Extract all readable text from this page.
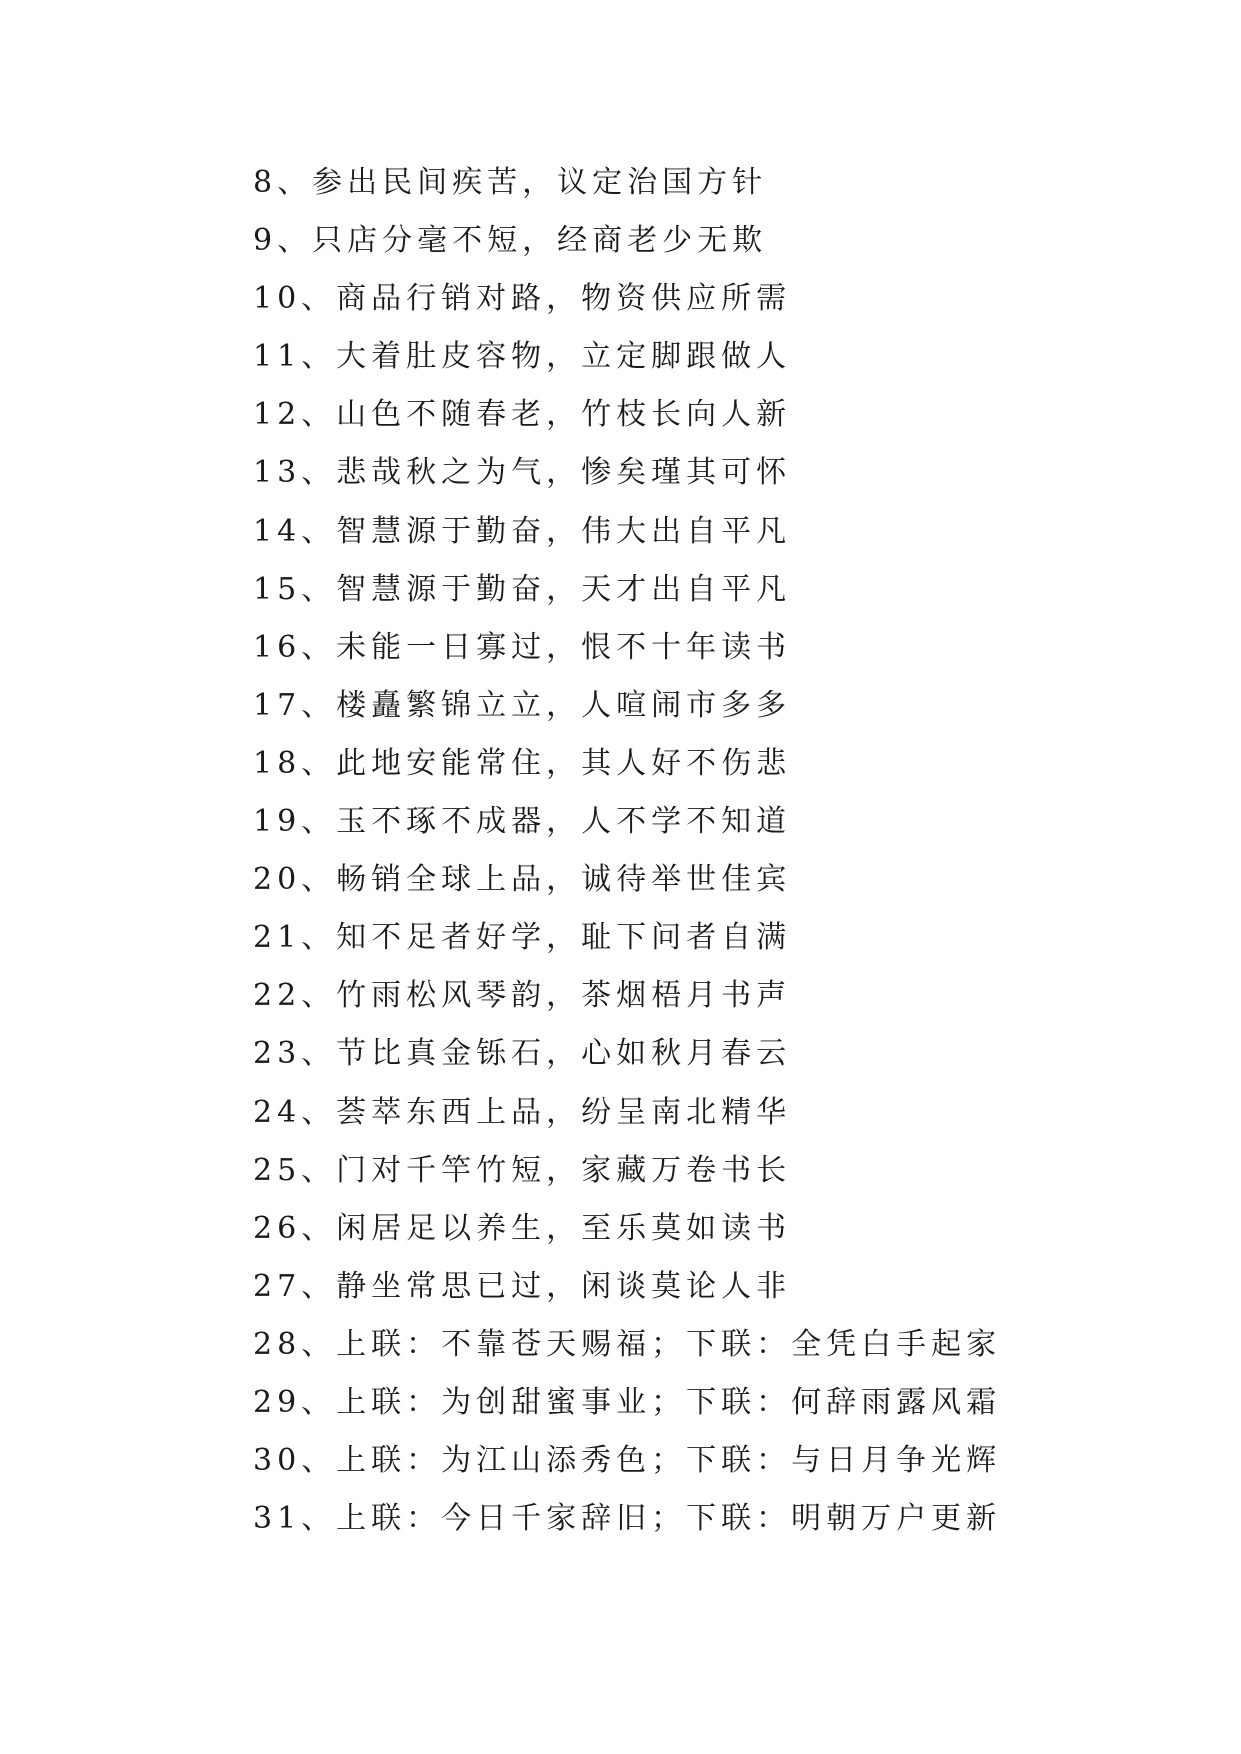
8、参出民间疾苦，议定治国方针
9、只店分毫不短，经商老少无欺
10、商品行销对路，物资供应所需
11、大着肚皮容物，立定脚跟做人
12、山色不随春老，竹枝长向人新
13、悲哉秋之为气，惨矣瑾其可怀
14、智慧源于勤奋，伟大出自平凡
15、智慧源于勤奋，天才出自平凡
16、未能一日寡过，恨不十年读书
17、楼矗繁锦立立，人喧闹市多多
18、此地安能常住，其人好不伤悲
19、玉不琢不成器，人不学不知道
20、畅销全球上品，诚待举世佳宾
21、知不足者好学，耻下问者自满
22、竹雨松风琴韵，茶烟梧月书声
23、节比真金铄石，心如秋月春云
24、荟萃东西上品，纷呈南北精华
25、门对千竿竹短，家藏万卷书长
26、闲居足以养生，至乐莫如读书
27、静坐常思已过，闲谈莫论人非
28、上联：不靠苍天赐福；下联：全凭白手起家
29、上联：为创甜蜜事业；下联：何辞雨露风霜
30、上联：为江山添秀色；下联：与日月争光辉
31、上联：今日千家辞旧；下联：明朝万户更新
